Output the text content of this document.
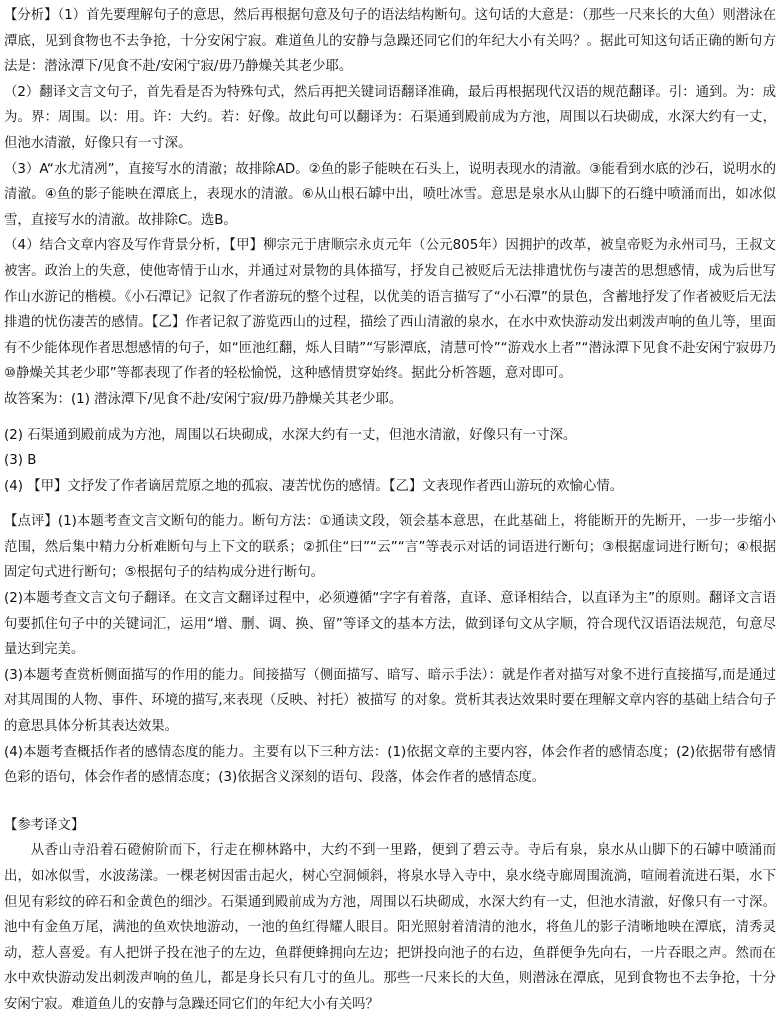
【分析】（1）首先要理解句子的意思，然后再根据句意及句子的语法结构断句。这句话的大意是：（那些一尺来长的大鱼）则潜泳在潭底，见到食物也不去争抢，十分安闲宁寂。难道鱼儿的安静与急躁还同它们的年纪大小有关吗？。据此可知这句话正确的断句方法是：潜泳潭下/见食不赴/安闲宁寂/毋乃静燥关其老少耶。

（2）翻译文言文句子，首先看是否为特殊句式，然后再把关键词语翻译准确，最后再根据现代汉语的规范翻译。引：通到。为：成为。界：周围。以：用。许：大约。若：好像。故此句可以翻译为：石渠通到殿前成为方池，周围以石块砌成，水深大约有一丈，但池水清澈，好像只有一寸深。

（3）A“水尤清冽”，直接写水的清澈；故排除AD。②鱼的影子能映在石头上，说明表现水的清澈。③能看到水底的沙石，说明水的清澈。④鱼的影子能映在潭底上，表现水的清澈。⑥从山根石罅中出，喷吐冰雪。意思是泉水从山脚下的石缝中喷涌而出，如冰似雪，直接写水的清澈。故排除C。选B。

（4）结合文章内容及写作背景分析，【甲】柳宗元于唐顺宗永贞元年（公元805年）因拥护的改革，被皇帝贬为永州司马，王叔文被害。政治上的失意，使他寄情于山水，并通过对景物的具体描写，抒发自己被贬后无法排遣忧伤与凄苦的思想感情，成为后世写作山水游记的楷模。《小石潭记》记叙了作者游玩的整个过程，以优美的语言描写了“小石潭”的景色，含蓄地抒发了作者被贬后无法排遣的忧伤凄苦的感情。【乙】作者记叙了游览西山的过程，描绘了西山清澈的泉水，在水中欢快游动发出刺泼声响的鱼儿等，里面有不少能体现作者思想感情的句子，如“匝池红翻，烁人目睛”“写影潭底，清慧可怜”“游戏水上者”“潜泳潭下见食不赴安闲宁寂毋乃⑩静燥关其老少耶”等都表现了作者的轻松愉悦，这种感情贯穿始终。据此分析答题，意对即可。

故答案为：(1) 潜泳潭下/见食不赴/安闲宁寂/毋乃静燥关其老少耶。

(2) 石渠通到殿前成为方池，周围以石块砌成，水深大约有一丈，但池水清澈，好像只有一寸深。

(3) B

(4) 【甲】文抒发了作者谪居荒原之地的孤寂、凄苦忧伤的感情。【乙】文表现作者西山游玩的欢愉心情。

【点评】(1)本题考查文言文断句的能力。断句方法：①通读文段，领会基本意思，在此基础上，将能断开的先断开，一步一步缩小范围，然后集中精力分析难断句与上下文的联系；②抓住“曰”“云”“言”等表示对话的词语进行断句；③根据虚词进行断句；④根据固定句式进行断句；⑤根据句子的结构成分进行断句。

(2)本题考查文言文句子翻译。在文言文翻译过程中，必须遵循“字字有着落，直译、意译相结合，以直译为主”的原则。翻译文言语句要抓住句子中的关键词汇，运用“增、删、调、换、留”等译文的基本方法，做到译句文从字顺，符合现代汉语语法规范，句意尽量达到完美。

(3)本题考查赏析侧面描写的作用的能力。间接描写（侧面描写、暗写、暗示手法）：就是作者对描写对象不进行直接描写,而是通过对其周围的人物、事件、环境的描写,来表现（反映、衬托）被描写 的对象。赏析其表达效果时要在理解文章内容的基础上结合句子的意思具体分析其表达效果。

(4)本题考查概括作者的感情态度的能力。主要有以下三种方法：(1)依据文章的主要内容，体会作者的感情态度；(2)依据带有感情色彩的语句，体会作者的感情态度；(3)依据含义深刻的语句、段落，体会作者的感情态度。

【参考译文】

从香山寺沿着石磴俯阶而下，行走在柳林路中，大约不到一里路，便到了碧云寺。寺后有泉，泉水从山脚下的石罅中喷涌而出，如冰似雪，水波荡漾。一棵老树因雷击起火，树心空洞倾斜，将泉水导入寺中，泉水绕寺廊周围流淌，喧闹着流进石渠，水下但见有彩纹的碎石和金黄色的细沙。石渠通到殿前成为方池，周围以石块砌成，水深大约有一丈，但池水清澈，好像只有一寸深。池中有金鱼万尾，满池的鱼欢快地游动，一池的鱼红得耀人眼目。阳光照射着清清的池水，将鱼儿的影子清晰地映在潭底，清秀灵动，惹人喜爱。有人把饼子投在池子的左边，鱼群便蜂拥向左边；把饼投向池子的右边，鱼群便争先向右，一片吞眼之声。然而在水中欢快游动发出刺泼声响的鱼儿，都是身长只有几寸的鱼儿。那些一尺来长的大鱼，则潜泳在潭底，见到食物也不去争抢，十分安闲宁寂。难道鱼儿的安静与急躁还同它们的年纪大小有关吗？
